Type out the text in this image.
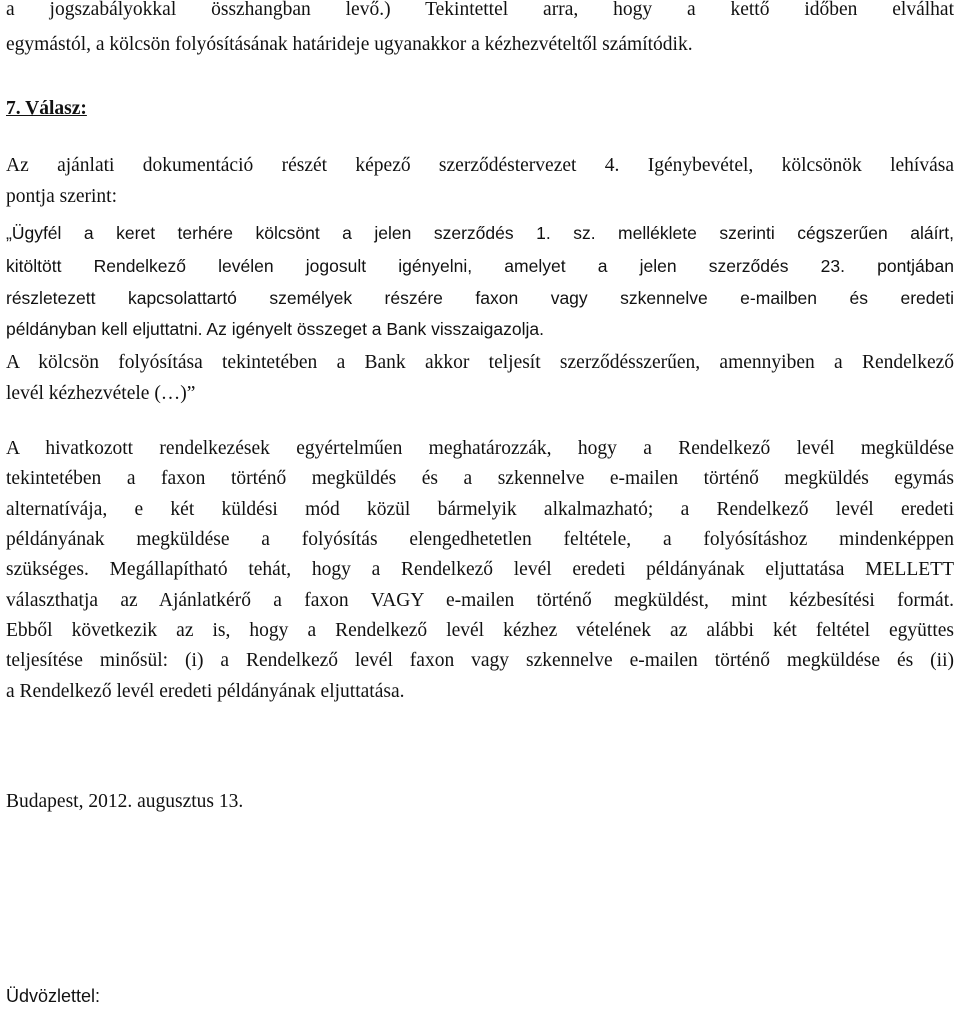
a jogszabályokkal összhangban levő.) Tekintettel arra, hogy a kettő időben elválhat
egymástól, a kölcsön folyósításának határideje ugyanakkor a kézhezvételtől számítódik.
7. Válasz:
Az ajánlati dokumentáció részét képező szerződéstervezet 4. Igénybevétel, kölcsönök lehívása
pontja szerint:
„Ügyfél a keret terhére kölcsönt a jelen szerződés 1. sz. melléklete szerinti cégszerűen aláírt,
kitöltött Rendelkező levélen jogosult igényelni, amelyet a jelen szerződés 23. pontjában
részletezett kapcsolattartó személyek részére faxon vagy szkennelve e-mailben és eredeti
példányban kell eljuttatni. Az igényelt összeget a Bank visszaigazolja.
A kölcsön folyósítása tekintetében a Bank akkor teljesít szerződésszerűen, amennyiben a Rendelkező
levél kézhezvétele (…)”
A hivatkozott rendelkezések egyértelműen meghatározzák, hogy a Rendelkező levél megküldése
tekintetében a faxon történő megküldés és a szkennelve e-mailen történő megküldés egymás
alternatívája, e két küldési mód közül bármelyik alkalmazható; a Rendelkező levél eredeti
példányának megküldése a folyósítás elengedhetetlen feltétele, a folyósításhoz mindenképpen
szükséges. Megállapítható tehát, hogy a Rendelkező levél eredeti példányának eljuttatása MELLETT
választhatja az Ajánlatkérő a faxon VAGY e-mailen történő megküldést, mint kézbesítési formát.
Ebből következik az is, hogy a Rendelkező levél kézhez vételének az alábbi két feltétel együttes
teljesítése minősül: (i) a Rendelkező levél faxon vagy szkennelve e-mailen történő megküldése és (ii)
a Rendelkező levél eredeti példányának eljuttatása.
Budapest, 2012. augusztus 13.
Üdvözlettel:
